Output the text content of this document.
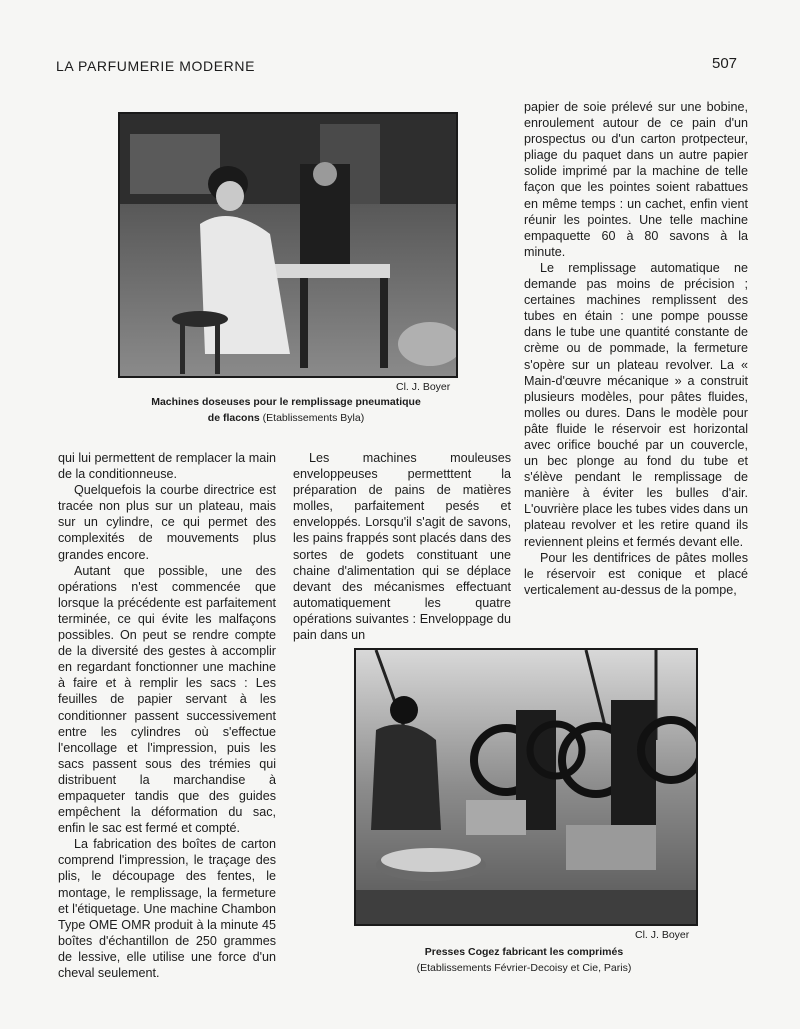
LA PARFUMERIE MODERNE	507
Cl. J. Boyer
Machines doseuses pour le remplissage pneumatique
de flacons (Etablissements Byla)

papier de soie prélevé sur une bobine, enroulement autour de ce pain d'un prospectus ou d'un carton protpecteur, pliage du paquet dans un autre papier solide imprimé par la machine de telle façon que les pointes soient rabattues en même temps : un cachet, enfin vient réunir les pointes. Une telle machine empaquette 60 à 80 savons à la minute.

Le remplissage automatique ne demande pas moins de précision ; certaines machines remplissent des tubes en étain : une pompe pousse dans le tube une quantité constante de crème ou de pommade, la fermeture s'opère sur un plateau revolver. La « Main-d'œuvre mécanique » a construit plusieurs modèles, pour pâtes fluides, molles ou dures. Dans le modèle pour pâte fluide le réservoir est horizontal avec orifice bouché par un couvercle, un bec plonge au fond du tube et s'élève pendant le remplissage de manière à éviter les bulles d'air. L'ouvrière place les tubes vides dans un plateau revolver et les retire quand ils reviennent pleins et fermés devant elle.

Pour les dentifrices de pâtes molles le réservoir est conique et placé verticalement au-dessus de la pompe,

qui lui permettent de remplacer la main de la conditionneuse.

Quelquefois la courbe directrice est tracée non plus sur un plateau, mais sur un cylindre, ce qui permet des complexités de mouvements plus grandes encore.

Autant que possible, une des opérations n'est commencée que lorsque la précédente est parfaitement terminée, ce qui évite les malfaçons possibles. On peut se rendre compte de la diversité des gestes à accomplir en regardant fonctionner une machine à faire et à remplir les sacs : Les feuilles de papier servant à les conditionner passent successivement entre les cylindres où s'effectue l'encollage et l'impression, puis les sacs passent sous des trémies qui distribuent la marchandise à empaqueter tandis que des guides empêchent la déformation du sac, enfin le sac est fermé et compté.

La fabrication des boîtes de carton comprend l'impression, le traçage des plis, le découpage des fentes, le montage, le remplissage, la fermeture et l'étiquetage. Une machine Chambon Type OME OMR produit à la minute 45 boîtes d'échantillon de 250 grammes de lessive, elle utilise une force d'un cheval seulement.

Les machines mouleuses enveloppeuses permetttent la préparation de pains de matières molles, parfaitement pesés et enveloppés. Lorsqu'il s'agit de savons, les pains frappés sont placés dans des sortes de godets constituant une chaine d'alimentation qui se déplace devant des mécanismes effectuant automatiquement les quatre opérations suivantes : Enveloppage du pain dans un

Cl. J. Boyer
Presses Cogez fabricant les comprimés
(Etablissements Février-Decoisy et Cie, Paris)
